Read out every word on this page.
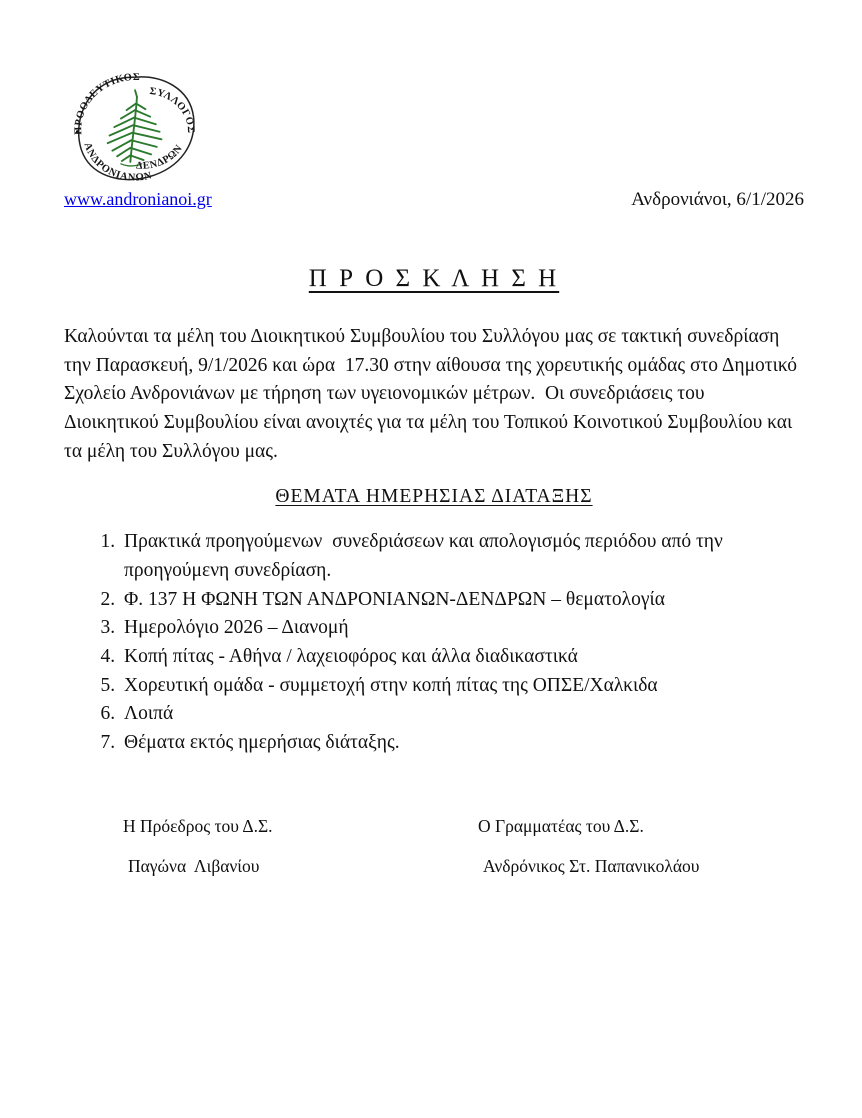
ΠΡΟΟΔΕΥΤΙΚΟΣ
ΣΥΛΛΟΓΟΣ
ΑΝΔΡΟΝΙΑΝΩΝ
ΔΕΝΔΡΩΝ
www.andronianoi.gr	Ανδρονιάνοι, 6/1/2026
Π Ρ Ο Σ Κ Λ Η Σ Η

Καλούνται τα μέλη του Διοικητικού Συμβουλίου του Συλλόγου μας σε τακτική συνεδρίαση την Παρασκευή, 9/1/2026 και ώρα  17.30 στην αίθουσα της χορευτικής ομάδας στο Δημοτικό Σχολείο Ανδρονιάνων με τήρηση των υγειονομικών μέτρων.  Οι συνεδριάσεις του Διοικητικού Συμβουλίου είναι ανοιχτές για τα μέλη του Τοπικού Κοινοτικού Συμβουλίου και τα μέλη του Συλλόγου μας.

ΘΕΜΑΤΑ ΗΜΕΡΗΣΙΑΣ ΔΙΑΤΑΞΗΣ
1. Πρακτικά προηγούμενων  συνεδριάσεων και απολογισμός περιόδου από την προηγούμενη συνεδρίαση.
2. Φ. 137 Η ΦΩΝΗ ΤΩΝ ΑΝΔΡΟΝΙΑΝΩΝ-ΔΕΝΔΡΩΝ – θεματολογία
3. Ημερολόγιο 2026 – Διανομή
4. Κοπή πίτας - Αθήνα / λαχειοφόρος και άλλα διαδικαστικά
5. Χορευτική ομάδα - συμμετοχή στην κοπή πίτας της ΟΠΣΕ/Χαλκιδα
6. Λοιπά
7. Θέματα εκτός ημερήσιας διάταξης.
Η Πρόεδρος του Δ.Σ.
Παγώνα  Λιβανίου
Ο Γραμματέας του Δ.Σ.
Ανδρόνικος Στ. Παπανικολάου
